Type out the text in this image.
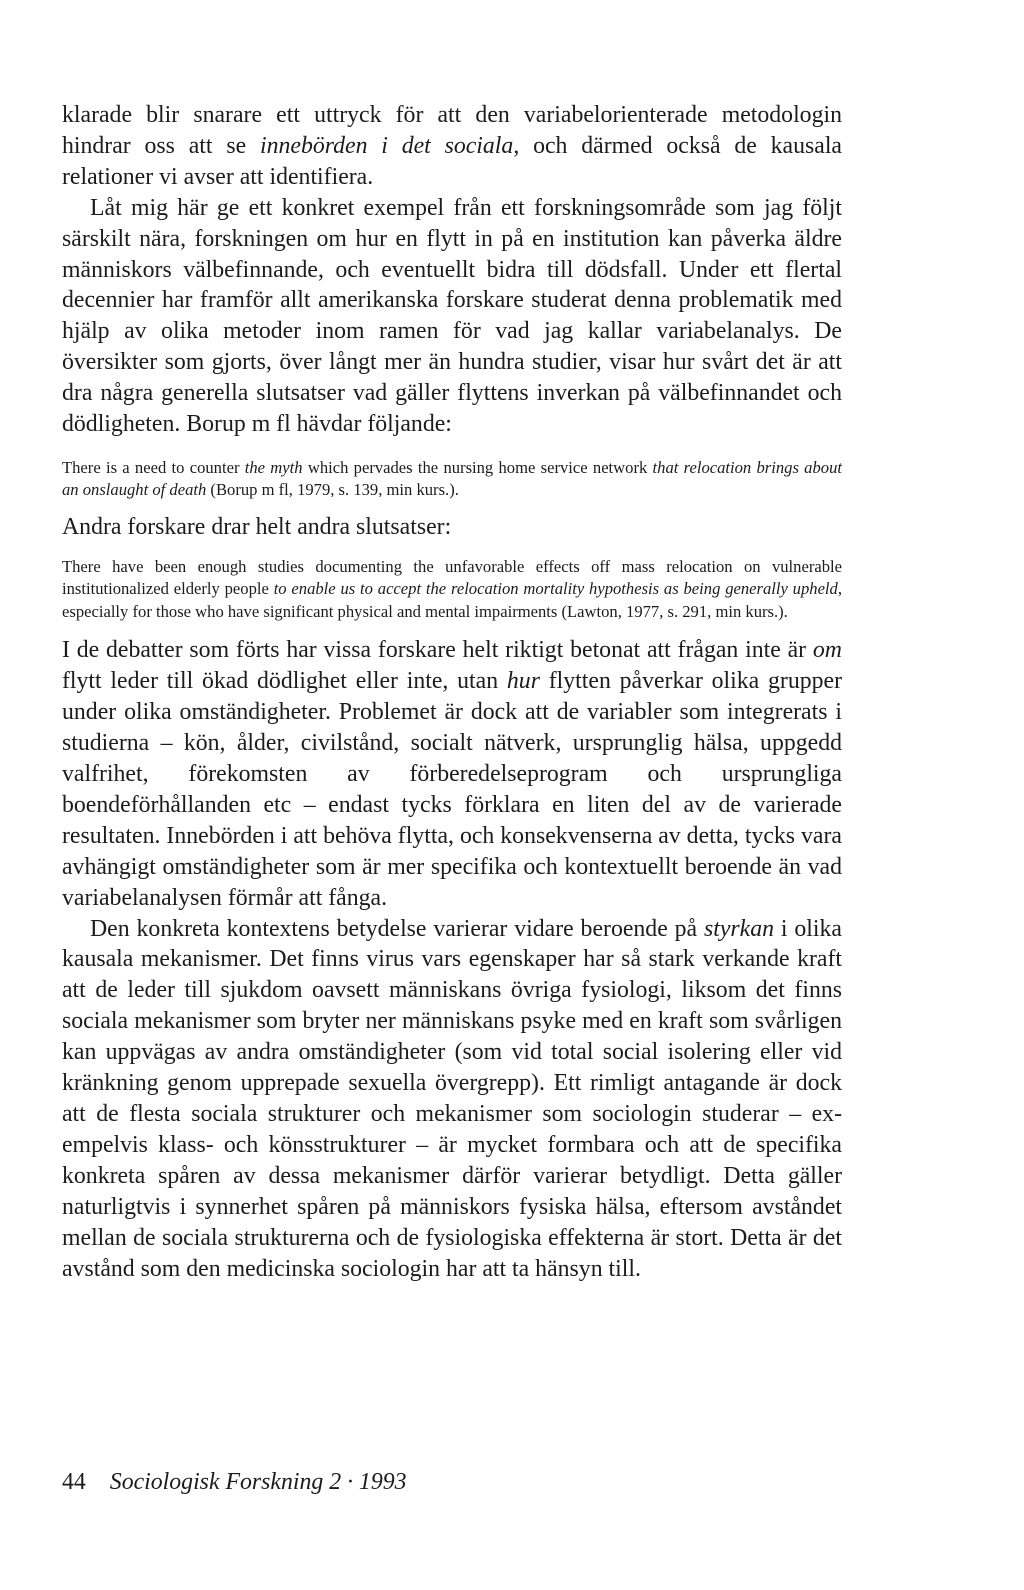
klarade blir snarare ett uttryck för att den variabelorienterade metodologin hindrar oss att se innebörden i det sociala, och därmed också de kausala relationer vi avser att identifiera.

Låt mig här ge ett konkret exempel från ett forskningsområde som jag följt särskilt nära, forskningen om hur en flytt in på en institution kan påverka äldre människors välbefinnande, och eventuellt bidra till dödsfall. Under ett flertal decennier har framför allt amerikanska forskare studerat denna problematik med hjälp av olika metoder inom ramen för vad jag kallar variabelanalys. De översikter som gjorts, över långt mer än hundra studier, visar hur svårt det är att dra några generella slutsatser vad gäller flyttens inverkan på välbefinnandet och dödligheten. Borup m fl hävdar följande:

There is a need to counter the myth which pervades the nursing home service network that relocation brings about an onslaught of death (Borup m fl, 1979, s. 139, min kurs.).

Andra forskare drar helt andra slutsatser:

There have been enough studies documenting the unfavorable effects off mass relocation on vulnerable institutionalized elderly people to enable us to accept the relocation mortality hypothesis as being generally upheld, especially for those who have significant physical and mental impairments (Lawton, 1977, s. 291, min kurs.).

I de debatter som förts har vissa forskare helt riktigt betonat att frågan inte är om flytt leder till ökad dödlighet eller inte, utan hur flytten påverkar olika grupper under olika omständigheter. Problemet är dock att de variabler som integrerats i studierna – kön, ålder, civilstånd, socialt nätverk, ursprunglig hälsa, uppgedd valfrihet, förekomsten av förberedelseprogram och ursprungliga boendeförhållanden etc – endast tycks förklara en liten del av de varierade resultaten. Innebörden i att behöva flytta, och konsekvenserna av detta, tycks vara avhängigt omständigheter som är mer specifika och kontextuellt beroende än vad variabelanalysen förmår att fånga.

Den konkreta kontextens betydelse varierar vidare beroende på styrkan i olika kausala mekanismer. Det finns virus vars egenskaper har så stark verkande kraft att de leder till sjukdom oavsett människans övriga fysiologi, liksom det finns sociala mekanismer som bryter ner människans psyke med en kraft som svårligen kan uppvägas av andra omständigheter (som vid total social isolering eller vid kränkning genom upprepade sexuella övergrepp). Ett rimligt antagande är dock att de flesta sociala strukturer och mekanismer som sociologin studerar – exempelvis klass- och könsstrukturer – är mycket formbara och att de specifika konkreta spåren av dessa mekanismer därför varierar betydligt. Detta gäller naturligtvis i synnerhet spåren på människors fysiska hälsa, eftersom avståndet mellan de sociala strukturerna och de fysiologiska effekterna är stort. Detta är det avstånd som den medicinska sociologin har att ta hänsyn till.

44 Sociologisk Forskning 2 · 1993
